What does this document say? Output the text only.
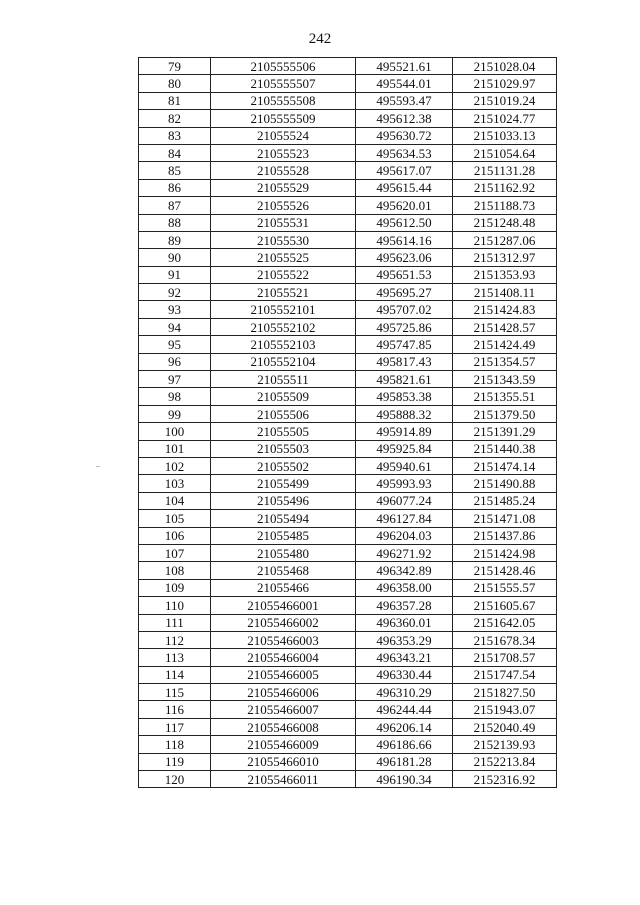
242
79	2105555506	495521.61	2151028.04
80	2105555507	495544.01	2151029.97
81	2105555508	495593.47	2151019.24
82	2105555509	495612.38	2151024.77
83	21055524	495630.72	2151033.13
84	21055523	495634.53	2151054.64
85	21055528	495617.07	2151131.28
86	21055529	495615.44	2151162.92
87	21055526	495620.01	2151188.73
88	21055531	495612.50	2151248.48
89	21055530	495614.16	2151287.06
90	21055525	495623.06	2151312.97
91	21055522	495651.53	2151353.93
92	21055521	495695.27	2151408.11
93	2105552101	495707.02	2151424.83
94	2105552102	495725.86	2151428.57
95	2105552103	495747.85	2151424.49
96	2105552104	495817.43	2151354.57
97	21055511	495821.61	2151343.59
98	21055509	495853.38	2151355.51
99	21055506	495888.32	2151379.50
100	21055505	495914.89	2151391.29
101	21055503	495925.84	2151440.38
102	21055502	495940.61	2151474.14
103	21055499	495993.93	2151490.88
104	21055496	496077.24	2151485.24
105	21055494	496127.84	2151471.08
106	21055485	496204.03	2151437.86
107	21055480	496271.92	2151424.98
108	21055468	496342.89	2151428.46
109	21055466	496358.00	2151555.57
110	21055466001	496357.28	2151605.67
111	21055466002	496360.01	2151642.05
112	21055466003	496353.29	2151678.34
113	21055466004	496343.21	2151708.57
114	21055466005	496330.44	2151747.54
115	21055466006	496310.29	2151827.50
116	21055466007	496244.44	2151943.07
117	21055466008	496206.14	2152040.49
118	21055466009	496186.66	2152139.93
119	21055466010	496181.28	2152213.84
120	21055466011	496190.34	2152316.92
